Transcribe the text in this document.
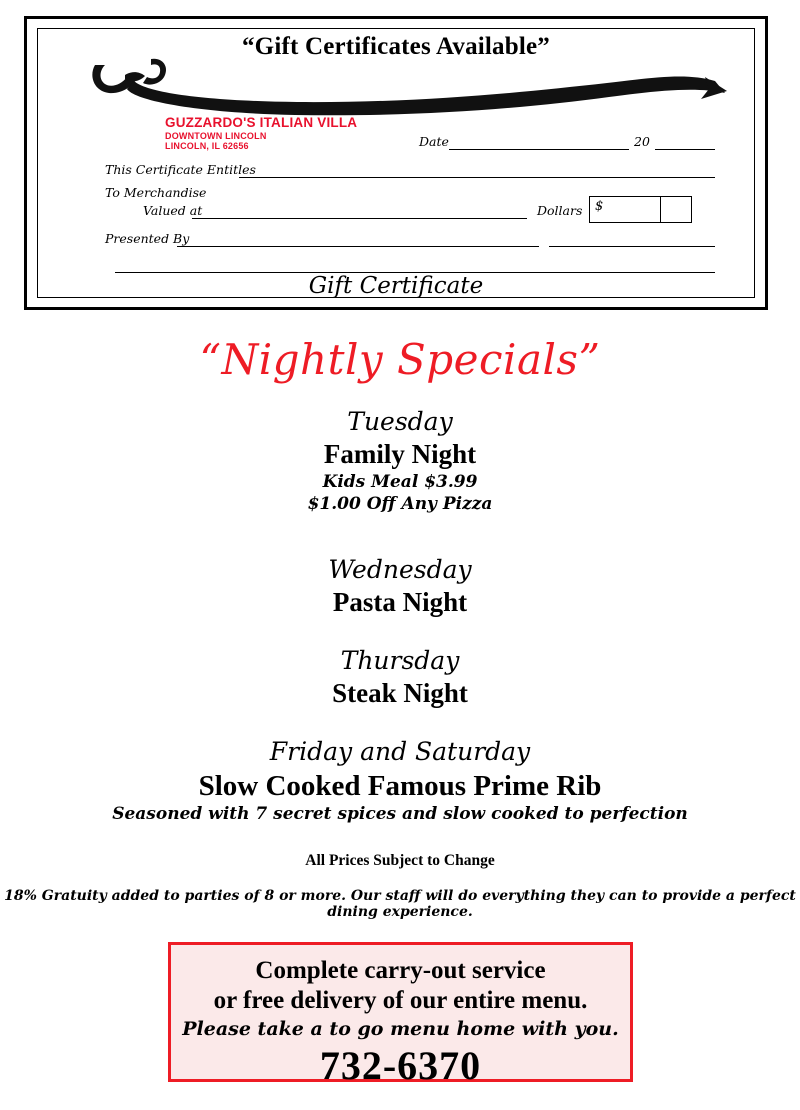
“Gift Certificates Available”
GUZZARDO'S ITALIAN VILLA
DOWNTOWN LINCOLN
LINCOLN, IL 62656	Date	20
This Certificate Entitles
To Merchandise
Valued at	Dollars $
Presented By
Gift Certificate
“Nightly Specials”
Tuesday
Family Night
Kids Meal $3.99
$1.00 Off Any Pizza
Wednesday
Pasta Night
Thursday
Steak Night
Friday and Saturday
Slow Cooked Famous Prime Rib
Seasoned with 7 secret spices and slow cooked to perfection
All Prices Subject to Change
18% Gratuity added to parties of 8 or more. Our staff will do everything they can to provide a perfect dining experience.
Complete carry-out service
or free delivery of our entire menu.
Please take a to go menu home with you.
732-6370
